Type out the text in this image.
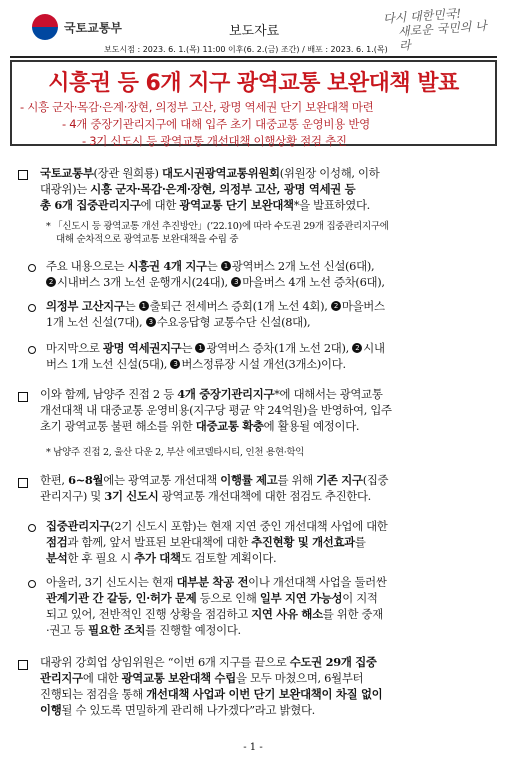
국토교통부	보도자료
다시 대한민국!
새로운 국민의 나라
보도시점 : 2023. 6. 1.(목) 11:00 이후(6. 2.(금) 조간) / 배포 : 2023. 6. 1.(목)
시흥권 등 6개 지구 광역교통 보완대책 발표
- 시흥 군자·목감·은계·장현, 의정부 고산, 광명 역세권 단기 보완대책 마련
- 4개 중장기관리지구에 대해 입주 초기 대중교통 운영비용 반영
- 3기 신도시 등 광역교통 개선대책 이행상황 점검 추진
국토교통부(장관 원희룡) 대도시권광역교통위원회(위원장 이성해, 이하
대광위)는 시흥 군자·목감·은계·장현, 의정부 고산, 광명 역세권 등
총 6개 집중관리지구에 대한 광역교통 단기 보완대책*을 발표하였다.
* 「신도시 등 광역교통 개선 추진방안」(’22.10)에 따라 수도권 29개 집중관리지구에
대해 순차적으로 광역교통 보완대책을 수립 중
주요 내용으로는 시흥권 4개 지구는 1 광역버스 2개 노선 신설(6대),
2 시내버스 3개 노선 운행개시(24대), 3 마을버스 4개 노선 증차(6대),
의정부 고산지구는 1 출퇴근 전세버스 증회(1개 노선 4회), 2 마을버스
1개 노선 신설(7대), 3 수요응답형 교통수단 신설(8대),
마지막으로 광명 역세권지구는 1 광역버스 증차(1개 노선 2대), 2 시내
버스 1개 노선 신설(5대), 3 버스정류장 시설 개선(3개소)이다.
이와 함께, 남양주 진접 2 등 4개 중장기관리지구*에 대해서는 광역교통
개선대책 내 대중교통 운영비용(지구당 평균 약 24억원)을 반영하여, 입주
초기 광역교통 불편 해소를 위한 대중교통 확충에 활용될 예정이다.
* 남양주 진접 2, 울산 다운 2, 부산 에코델타시티, 인천 용현·학익
한편, 6~8월에는 광역교통 개선대책 이행률 제고를 위해 기존 지구(집중
관리지구) 및 3기 신도시 광역교통 개선대책에 대한 점검도 추진한다.
집중관리지구(2기 신도시 포함)는 현재 지연 중인 개선대책 사업에 대한
점검과 함께, 앞서 발표된 보완대책에 대한 추진현황 및 개선효과를
분석한 후 필요 시 추가 대책도 검토할 계획이다.
아울러, 3기 신도시는 현재 대부분 착공 전이나 개선대책 사업을 둘러싼
관계기관 간 갈등, 인·허가 문제 등으로 인해 일부 지연 가능성이 지적
되고 있어, 전반적인 진행 상황을 점검하고 지연 사유 해소를 위한 중재
·권고 등 필요한 조치를 진행할 예정이다.
대광위 강희업 상임위원은 “이번 6개 지구를 끝으로 수도권 29개 집중
관리지구에 대한 광역교통 보완대책 수립을 모두 마쳤으며, 6월부터
진행되는 점검을 통해 개선대책 사업과 이번 단기 보완대책이 차질 없이
이행될 수 있도록 면밀하게 관리해 나가겠다”라고 밝혔다.
- 1 -
